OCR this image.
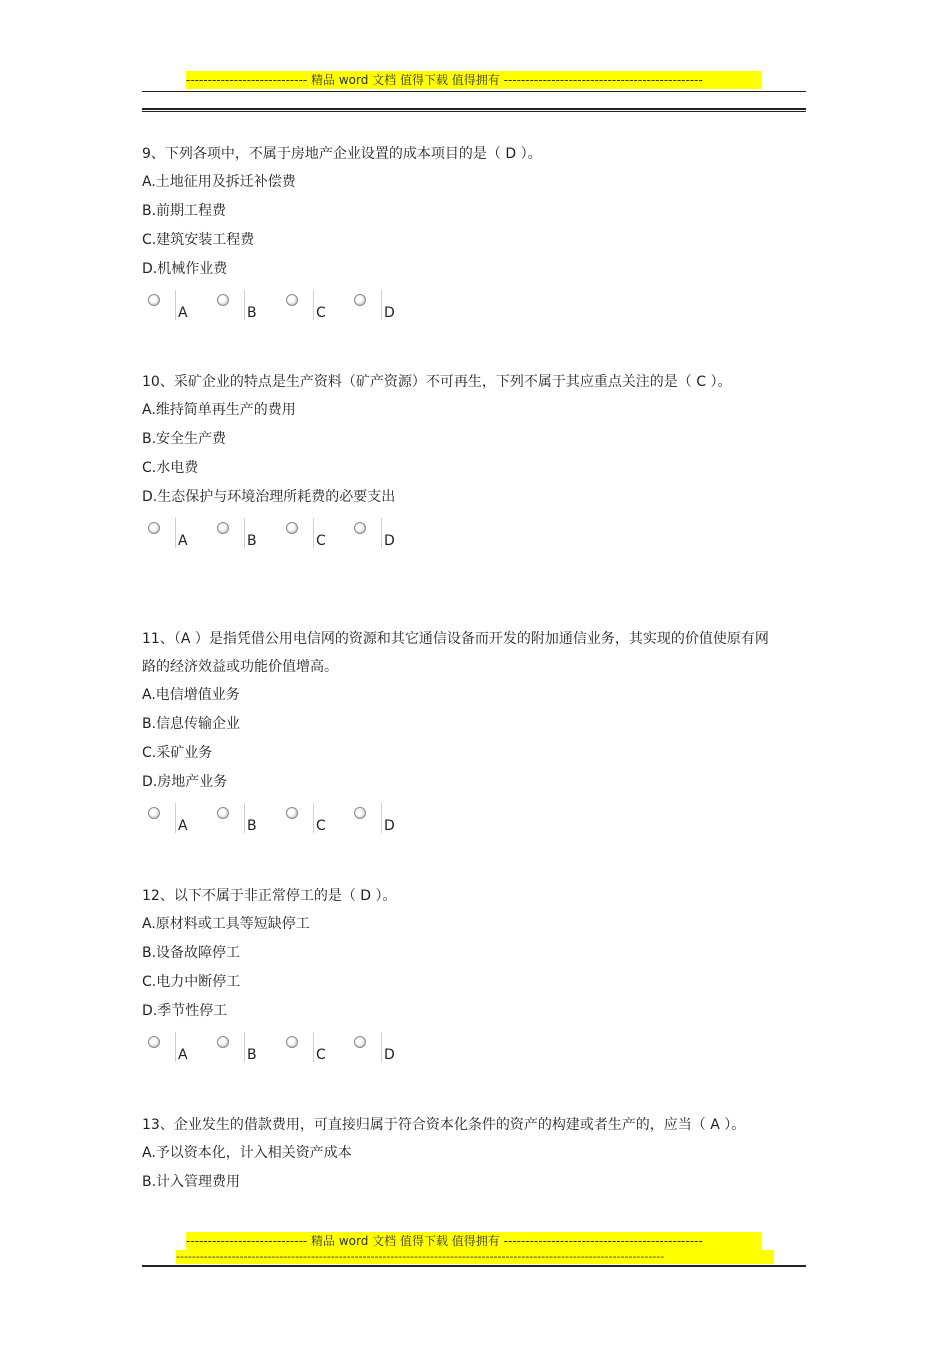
---------------------------- 精品 word 文档 值得下载 值得拥有 ----------------------------------------------

9、下列各项中，不属于房地产企业设置的成本项目的是（ D ）。

A.土地征用及拆迁补偿费

B.前期工程费

C.建筑安装工程费

D.机械作业费

A	B	C	D

10、采矿企业的特点是生产资料（矿产资源）不可再生，下列不属于其应重点关注的是（ C ）。

A.维持简单再生产的费用

B.安全生产费

C.水电费

D.生态保护与环境治理所耗费的必要支出

A	B	C	D

11、（A ）是指凭借公用电信网的资源和其它通信设备而开发的附加通信业务，其实现的价值使原有网路的经济效益或功能价值增高。

A.电信增值业务

B.信息传输企业

C.采矿业务

D.房地产业务

A	B	C	D

12、以下不属于非正常停工的是（ D ）。

A.原材料或工具等短缺停工

B.设备故障停工

C.电力中断停工

D.季节性停工

A	B	C	D

13、企业发生的借款费用，可直接归属于符合资本化条件的资产的构建或者生产的，应当（ A ）。

A.予以资本化，计入相关资产成本

B.计入管理费用

---------------------------- 精品 word 文档 值得下载 值得拥有 ----------------------------------------------
---------------------------------------------------------------------------------------------------------------------------
